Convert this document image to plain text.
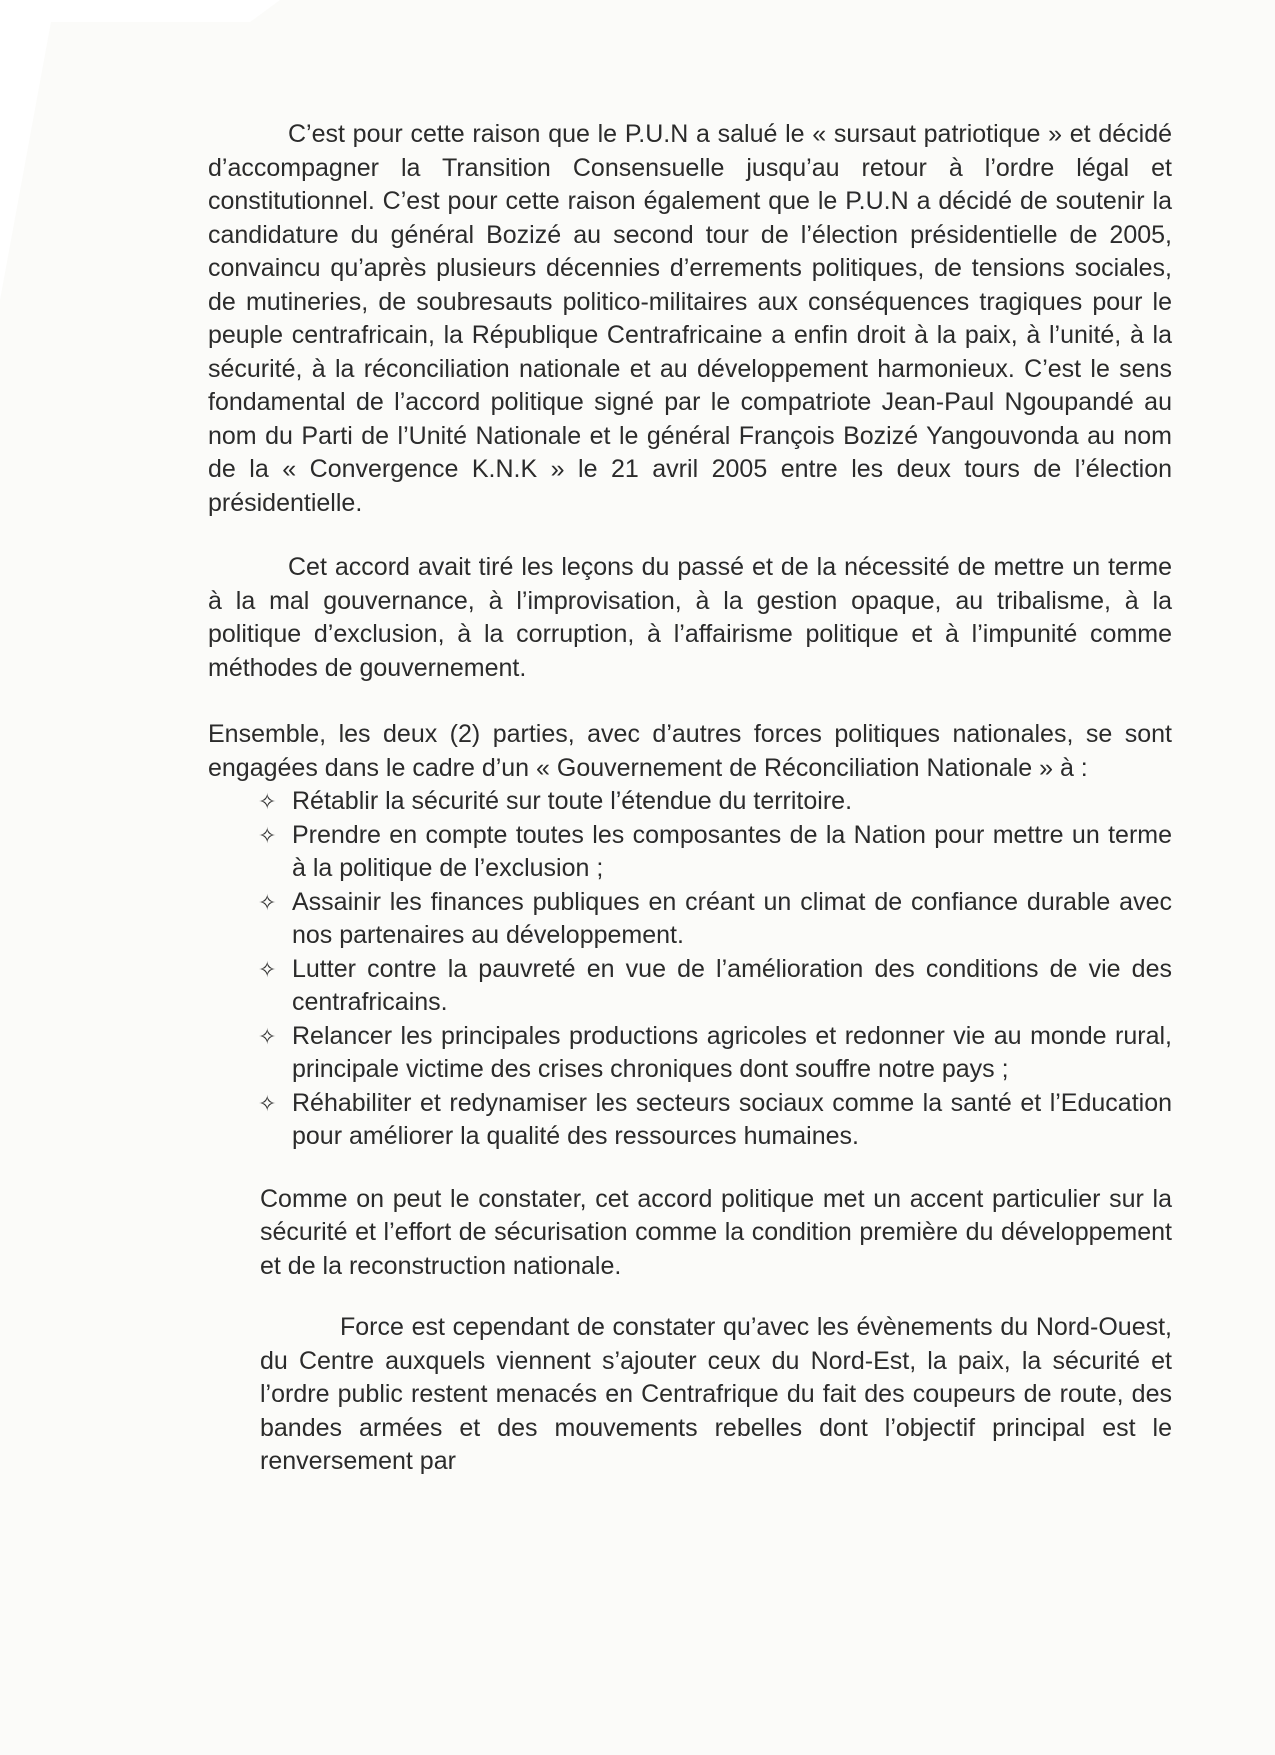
C’est pour cette raison que le P.U.N a salué le « sursaut patriotique » et décidé d’accompagner la Transition Consensuelle jusqu’au retour à l’ordre légal et constitutionnel. C’est pour cette raison également que le P.U.N a décidé de soutenir la candidature du général Bozizé au second tour de l’élection présidentielle de 2005, convaincu qu’après plusieurs décennies d’errements politiques, de tensions sociales, de mutineries, de soubresauts politico-militaires aux conséquences tragiques pour le peuple centrafricain, la République Centrafricaine a enfin droit à la paix, à l’unité, à la sécurité, à la réconciliation nationale et au développement harmonieux. C’est le sens fondamental de l’accord politique signé par le compatriote Jean-Paul Ngoupandé au nom du Parti de l’Unité Nationale et le général François Bozizé Yangouvonda au nom de la « Convergence K.N.K » le 21 avril 2005 entre les deux tours de l’élection présidentielle.

Cet accord avait tiré les leçons du passé et de la nécessité de mettre un terme à la mal gouvernance, à l’improvisation, à la gestion opaque, au tribalisme, à la politique d’exclusion, à la corruption, à l’affairisme politique et à l’impunité comme méthodes de gouvernement.

Ensemble, les deux (2) parties, avec d’autres forces politiques nationales, se sont engagées dans le cadre d’un « Gouvernement de Réconciliation Nationale » à :

✧ Rétablir la sécurité sur toute l’étendue du territoire.
✧ Prendre en compte toutes les composantes de la Nation pour mettre un terme à la politique de l’exclusion ;
✧ Assainir les finances publiques en créant un climat de confiance durable avec nos partenaires au développement.
✧ Lutter contre la pauvreté en vue de l’amélioration des conditions de vie des centrafricains.
✧ Relancer les principales productions agricoles et redonner vie au monde rural, principale victime des crises chroniques dont souffre notre pays ;
✧ Réhabiliter et redynamiser les secteurs sociaux comme la santé et l’Education pour améliorer la qualité des ressources humaines.

Comme on peut le constater, cet accord politique met un accent particulier sur la sécurité et l’effort de sécurisation comme la condition première du développement et de la reconstruction nationale.

Force est cependant de constater qu’avec les évènements du Nord-Ouest, du Centre auxquels viennent s’ajouter ceux du Nord-Est, la paix, la sécurité et l’ordre public restent menacés en Centrafrique du fait des coupeurs de route, des bandes armées et des mouvements rebelles dont l’objectif principal est le renversement par
